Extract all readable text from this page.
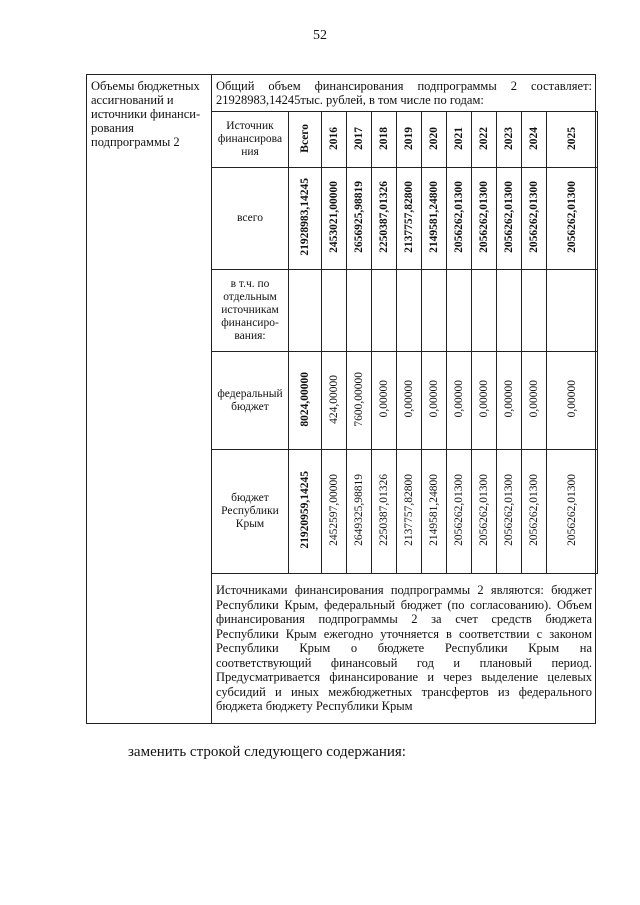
52
Объемы бюджетных ассигнований и источники финанси-рования подпрограммы 2
Общий объем финансирования подпрограммы 2 составляет:
21928983,14245тыс. рублей, в том числе по годам:
Источник финансирова ния	Всего	2016	2017	2018	2019	2020	2021	2022	2023	2024	2025
всего	21928983,14245	2453021,00000	2656925,98819	2250387,01326	2137757,82800	2149581,24800	2056262,01300	2056262,01300	2056262,01300	2056262,01300	2056262,01300
в т.ч. по отдельным источникам финансиро-вания:											
федеральный бюджет	8024,00000	424,00000	7600,00000	0,00000	0,00000	0,00000	0,00000	0,00000	0,00000	0,00000	0,00000
бюджет Республики Крым	21920959,14245	2452597,00000	2649325,98819	2250387,01326	2137757,82800	2149581,24800	2056262,01300	2056262,01300	2056262,01300	2056262,01300	2056262,01300
Источниками финансирования подпрограммы 2 являются: бюджет
Республики Крым, федеральный бюджет (по согласованию). Объем
финансирования подпрограммы 2 за счет средств бюджета
Республики Крым ежегодно уточняется в соответствии с законом
Республики Крым о бюджете Республики Крым на
соответствующий финансовый год и плановый период.
Предусматривается финансирование и через выделение целевых
субсидий и иных межбюджетных трансфертов из федерального
бюджета бюджету Республики Крым
заменить строкой следующего содержания:
